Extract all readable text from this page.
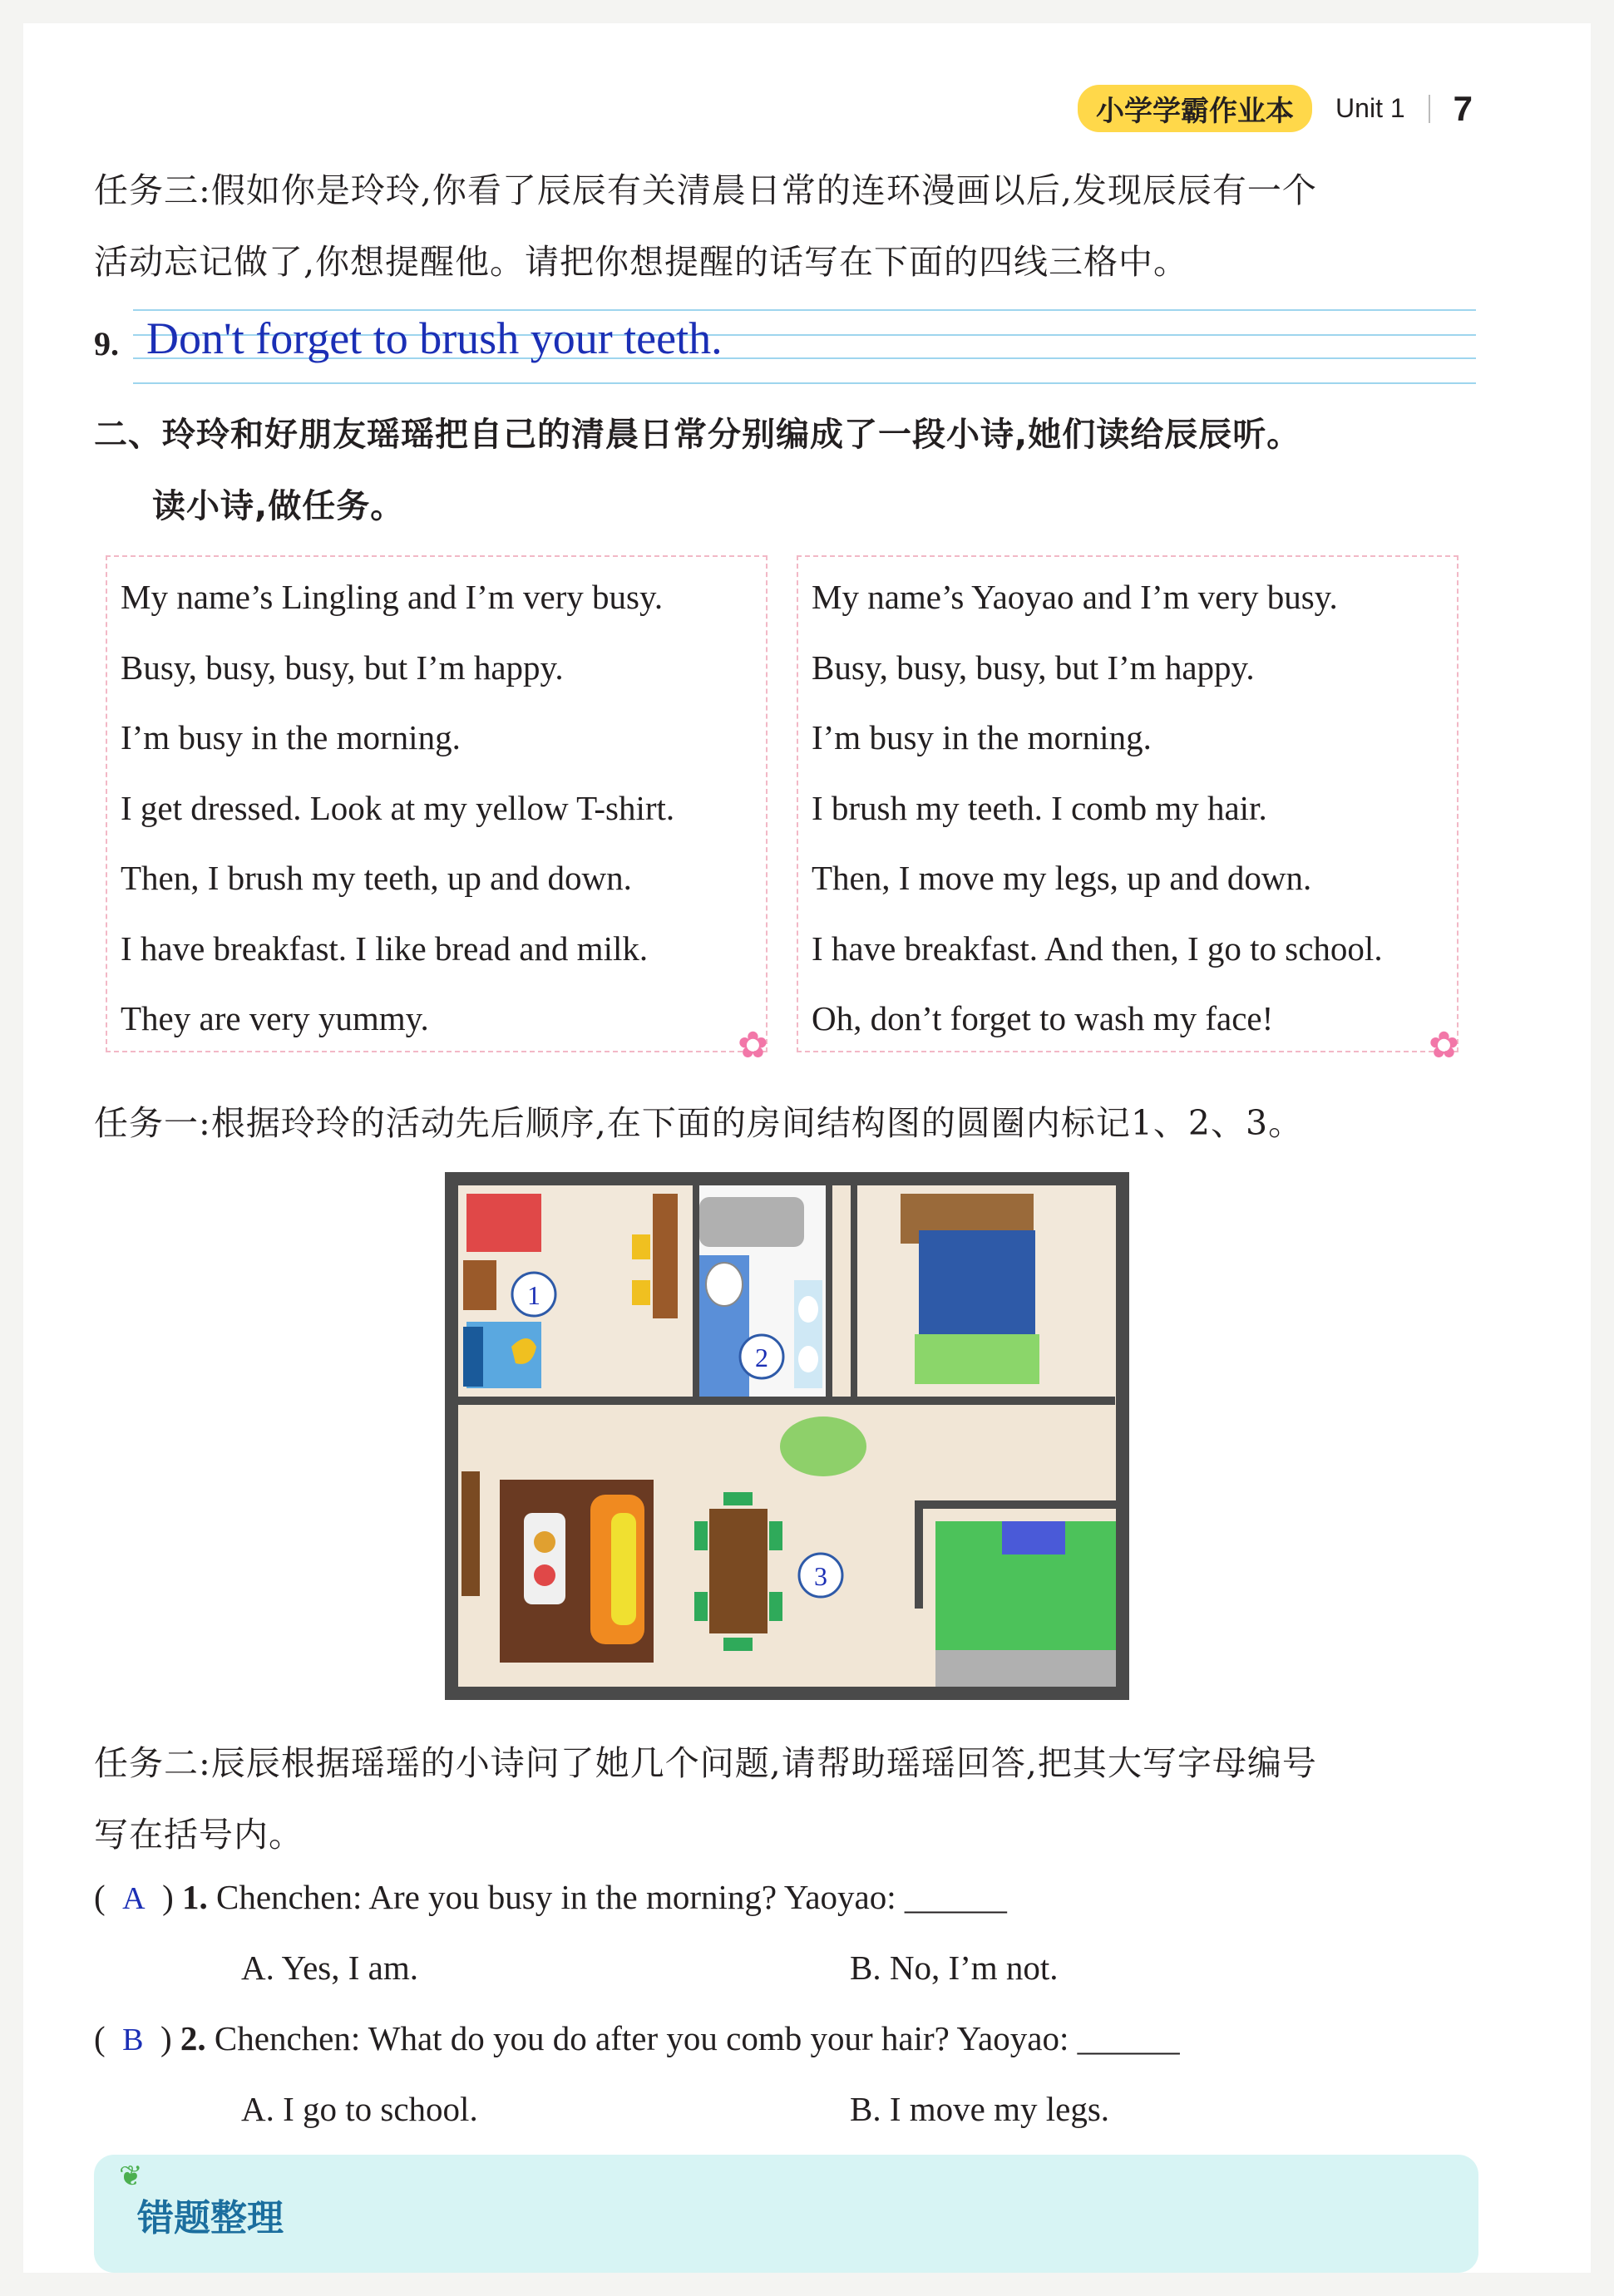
小学学霸作业本	Unit 1 7
任务三:假如你是玲玲,你看了辰辰有关清晨日常的连环漫画以后,发现辰辰有一个
活动忘记做了,你想提醒他。请把你想提醒的话写在下面的四线三格中。
9. Don't forget to brush your teeth.
二、玲玲和好朋友瑶瑶把自己的清晨日常分别编成了一段小诗,她们读给辰辰听。
读小诗,做任务。
My name’s Lingling and I’m very busy.
Busy, busy, busy, but I’m happy.
I’m busy in the morning.
I get dressed. Look at my yellow T-shirt.
Then, I brush my teeth, up and down.
I have breakfast. I like bread and milk.
They are very yummy.
✿
My name’s Yaoyao and I’m very busy.
Busy, busy, busy, but I’m happy.
I’m busy in the morning.
I brush my teeth. I comb my hair.
Then, I move my legs, up and down.
I have breakfast. And then, I go to school.
Oh, don’t forget to wash my face!
✿
任务一:根据玲玲的活动先后顺序,在下面的房间结构图的圆圈内标记1、2、3。
1
2
3
任务二:辰辰根据瑶瑶的小诗问了她几个问题,请帮助瑶瑶回答,把其大写字母编号
写在括号内。
(  A  ) 1. Chenchen: Are you busy in the morning? Yaoyao: ______
A. Yes, I am.	B. No, I’m not.
(  B  ) 2. Chenchen: What do you do after you comb your hair? Yaoyao: ______
A. I go to school.	B. I move my legs.
❦
错题整理
